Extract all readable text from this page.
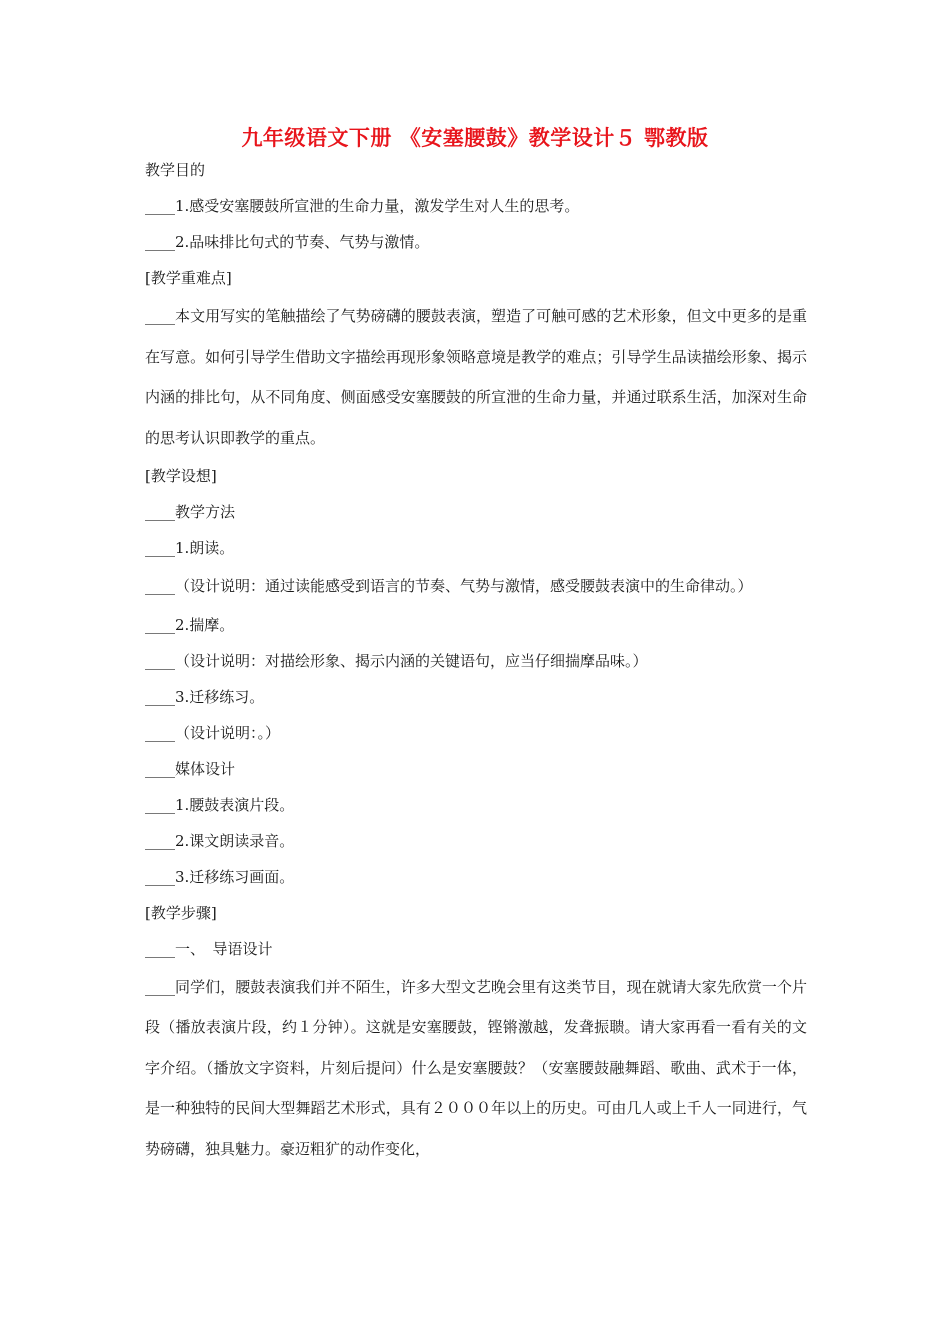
九年级语文下册 《安塞腰鼓》教学设计５ 鄂教版
教学目的
____1.感受安塞腰鼓所宣泄的生命力量，激发学生对人生的思考。
____2.品味排比句式的节奏、气势与激情。
[教学重难点]
____本文用写实的笔触描绘了气势磅礴的腰鼓表演，塑造了可触可感的艺术形象，但文中更多的是重在写意。如何引导学生借助文字描绘再现形象领略意境是教学的难点；引导学生品读描绘形象、揭示内涵的排比句，从不同角度、侧面感受安塞腰鼓的所宣泄的生命力量，并通过联系生活，加深对生命的思考认识即教学的重点。
[教学设想]
____教学方法
____1.朗读。
____（设计说明：通过读能感受到语言的节奏、气势与激情，感受腰鼓表演中的生命律动。）
____2.揣摩。
____（设计说明：对描绘形象、揭示内涵的关键语句，应当仔细揣摩品味。）
____3.迁移练习。
____（设计说明：。）
____媒体设计
____1.腰鼓表演片段。
____2.课文朗读录音。
____3.迁移练习画面。
[教学步骤]
____一、　导语设计
____同学们，腰鼓表演我们并不陌生，许多大型文艺晚会里有这类节目，现在就请大家先欣赏一个片段（播放表演片段，约１分钟）。这就是安塞腰鼓，铿锵激越，发聋振聩。请大家再看一看有关的文字介绍。（播放文字资料，片刻后提问）什么是安塞腰鼓？（安塞腰鼓融舞蹈、歌曲、武术于一体，是一种独特的民间大型舞蹈艺术形式，具有２０００年以上的历史。可由几人或上千人一同进行，气势磅礴，独具魅力。豪迈粗犷的动作变化，
